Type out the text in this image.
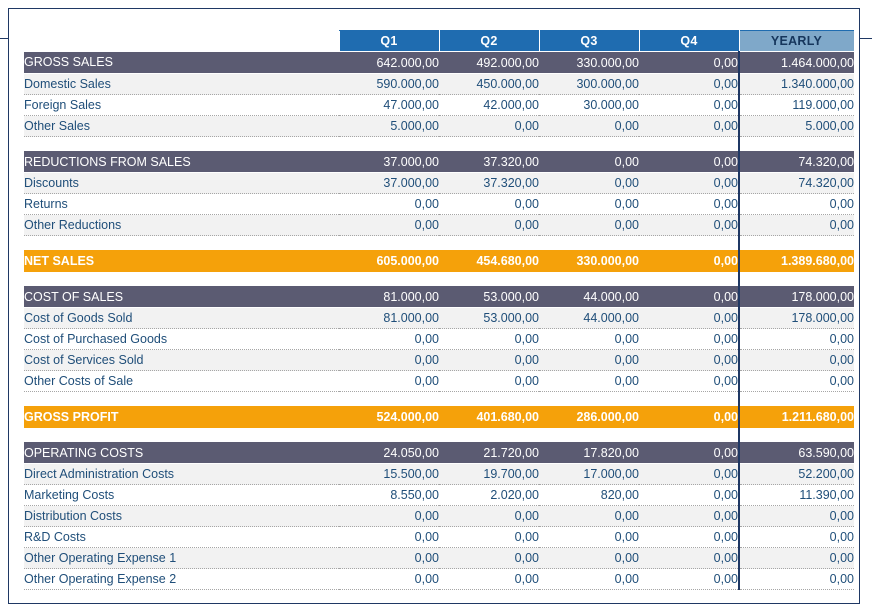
	Q1	Q2	Q3	Q4	YEARLY
GROSS SALES	642.000,00	492.000,00	330.000,00	0,00	1.464.000,00
Domestic Sales	590.000,00	450.000,00	300.000,00	0,00	1.340.000,00
Foreign Sales	47.000,00	42.000,00	30.000,00	0,00	119.000,00
Other Sales	5.000,00	0,00	0,00	0,00	5.000,00

REDUCTIONS FROM SALES	37.000,00	37.320,00	0,00	0,00	74.320,00
Discounts	37.000,00	37.320,00	0,00	0,00	74.320,00
Returns	0,00	0,00	0,00	0,00	0,00
Other Reductions	0,00	0,00	0,00	0,00	0,00

NET SALES	605.000,00	454.680,00	330.000,00	0,00	1.389.680,00

COST OF SALES	81.000,00	53.000,00	44.000,00	0,00	178.000,00
Cost of Goods Sold	81.000,00	53.000,00	44.000,00	0,00	178.000,00
Cost of Purchased Goods	0,00	0,00	0,00	0,00	0,00
Cost of Services Sold	0,00	0,00	0,00	0,00	0,00
Other Costs of Sale	0,00	0,00	0,00	0,00	0,00

GROSS PROFIT	524.000,00	401.680,00	286.000,00	0,00	1.211.680,00

OPERATING COSTS	24.050,00	21.720,00	17.820,00	0,00	63.590,00
Direct Administration Costs	15.500,00	19.700,00	17.000,00	0,00	52.200,00
Marketing Costs	8.550,00	2.020,00	820,00	0,00	11.390,00
Distribution Costs	0,00	0,00	0,00	0,00	0,00
R&D Costs	0,00	0,00	0,00	0,00	0,00
Other Operating Expense 1	0,00	0,00	0,00	0,00	0,00
Other Operating Expense 2	0,00	0,00	0,00	0,00	0,00
